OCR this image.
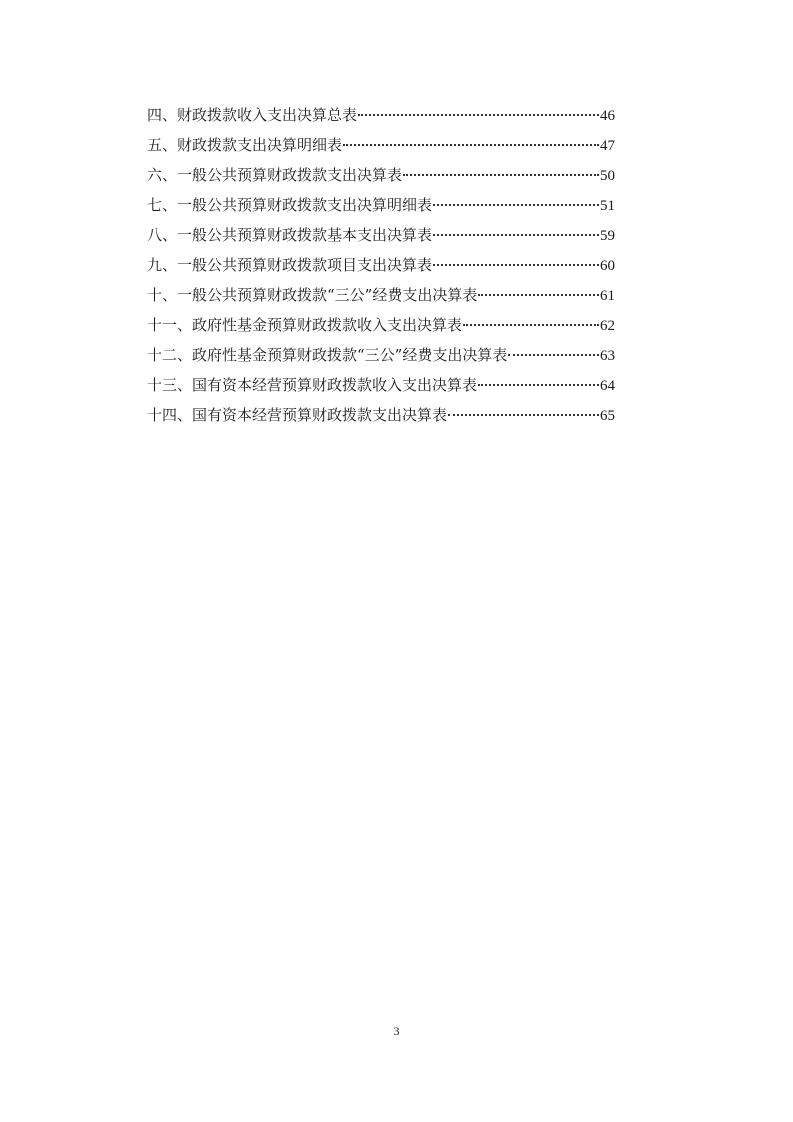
四、财政拨款收入支出决算总表	46
五、财政拨款支出决算明细表	47
六、一般公共预算财政拨款支出决算表	50
七、一般公共预算财政拨款支出决算明细表	51
八、一般公共预算财政拨款基本支出决算表	59
九、一般公共预算财政拨款项目支出决算表	60
十、一般公共预算财政拨款“三公”经费支出决算表	61
十一、政府性基金预算财政拨款收入支出决算表	62
十二、政府性基金预算财政拨款“三公”经费支出决算表	63
十三、国有资本经营预算财政拨款收入支出决算表	64
十四、国有资本经营预算财政拨款支出决算表	65
3
